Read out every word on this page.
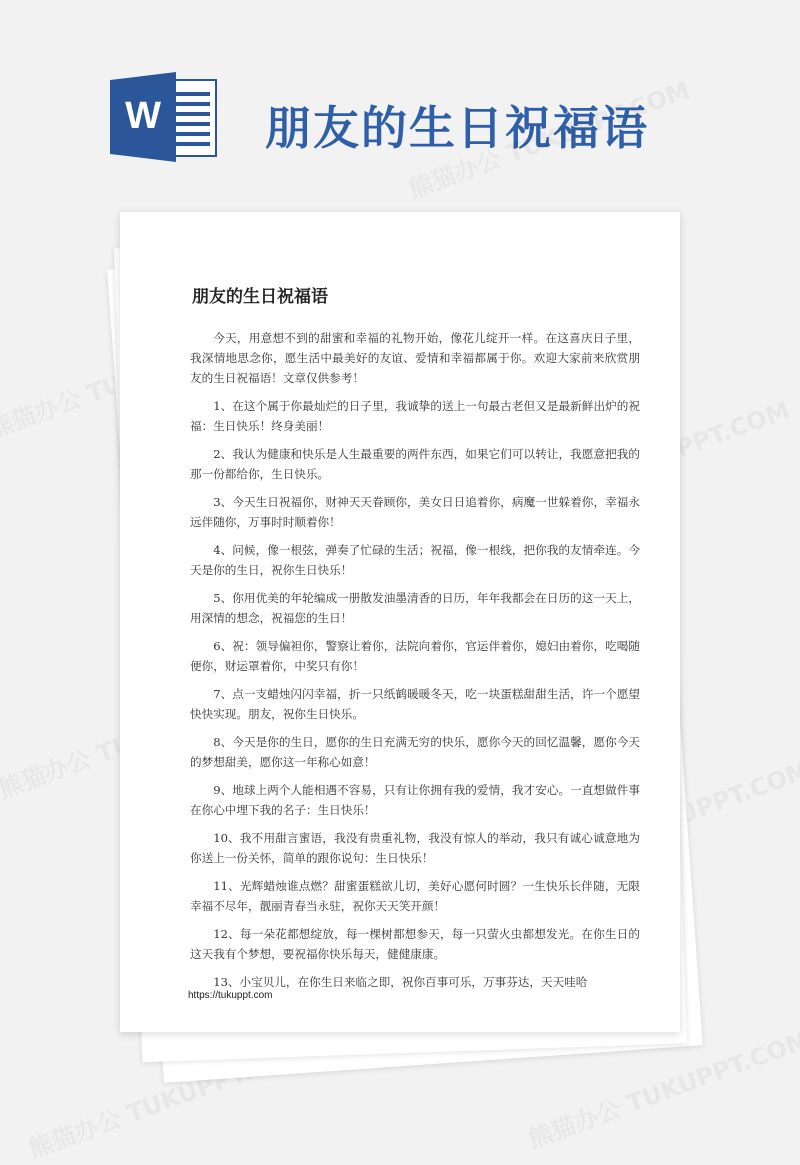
W 朋友的生日祝福语
朋友的生日祝福语

今天，用意想不到的甜蜜和幸福的礼物开始，像花儿绽开一样。在这喜庆日子里，我深情地思念你，愿生活中最美好的友谊、爱情和幸福都属于你。欢迎大家前来欣赏朋友的生日祝福语！文章仅供参考！

1、在这个属于你最灿烂的日子里，我诚挚的送上一句最古老但又是最新鲜出炉的祝福：生日快乐！终身美丽！

2、我认为健康和快乐是人生最重要的两件东西，如果它们可以转让，我愿意把我的那一份都给你，生日快乐。

3、今天生日祝福你，财神天天眷顾你，美女日日追着你，病魔一世躲着你，幸福永远伴随你，万事时时顺着你！

4、问候，像一根弦，弹奏了忙碌的生活；祝福，像一根线，把你我的友情牵连。今天是你的生日，祝你生日快乐！

5、你用优美的年轮编成一册散发油墨清香的日历，年年我都会在日历的这一天上，用深情的想念，祝福您的生日！

6、祝：领导偏袒你，警察让着你，法院向着你，官运伴着你，媳妇由着你，吃喝随便你，财运罩着你，中奖只有你！

7、点一支蜡烛闪闪幸福，折一只纸鹤暖暖冬天，吃一块蛋糕甜甜生活，许一个愿望快快实现。朋友，祝你生日快乐。

8、今天是你的生日，愿你的生日充满无穷的快乐，愿你今天的回忆温馨，愿你今天的梦想甜美，愿你这一年称心如意！

9、地球上两个人能相遇不容易，只有让你拥有我的爱情，我才安心。一直想做件事在你心中埋下我的名子：生日快乐！

10、我不用甜言蜜语，我没有贵重礼物，我没有惊人的举动，我只有诚心诚意地为你送上一份关怀，简单的跟你说句：生日快乐！

11、光辉蜡烛谁点燃？甜蜜蛋糕欲儿切，美好心愿何时圆？一生快乐长伴随，无限幸福不尽年，靓丽青春当永驻，祝你天天笑开颜！

12、每一朵花都想绽放，每一棵树都想参天，每一只萤火虫都想发光。在你生日的这天我有个梦想，要祝福你快乐每天，健健康康。

13、小宝贝儿，在你生日来临之即，祝你百事可乐，万事芬达，天天哇哈

https://tukuppt.com
